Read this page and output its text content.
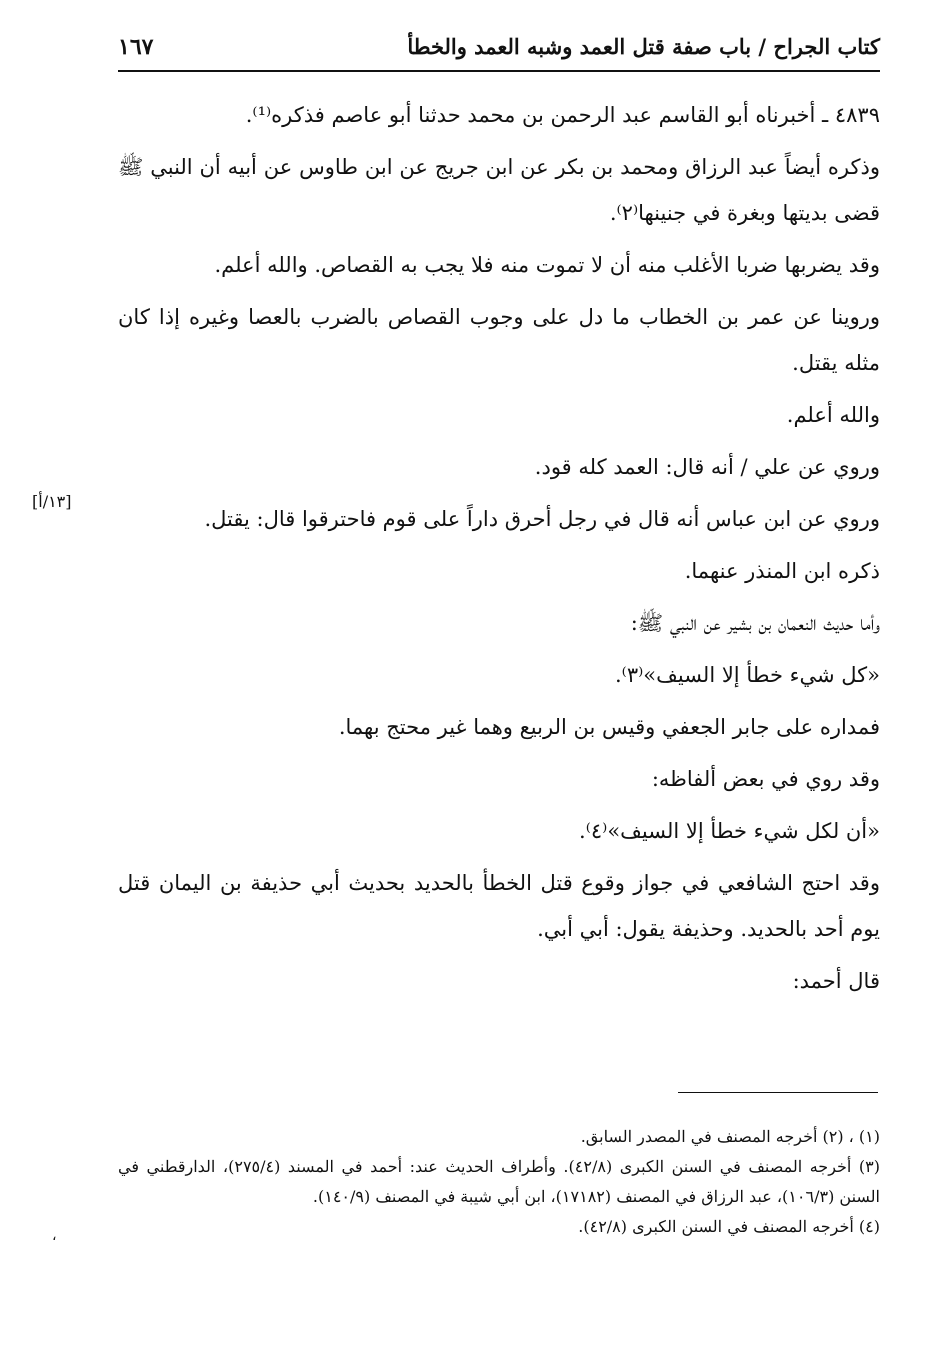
كتاب الجراح / باب صفة قتل العمد وشبه العمد والخطأ
١٦٧
[١٣/أ]

٤٨٣٩ ـ أخبرناه أبو القاسم عبد الرحمن بن محمد حدثنا أبو عاصم فذكره⁽¹⁾.

وذكره أيضاً عبد الرزاق ومحمد بن بكر عن ابن جريج عن ابن طاوس عن أبيه أن النبي ﷺ قضى بديتها وبغرة في جنينها⁽٢⁾.

وقد يضربها ضربا الأغلب منه أن لا تموت منه فلا يجب به القصاص. والله أعلم.

وروينا عن عمر بن الخطاب ما دل على وجوب القصاص بالضرب بالعصا وغيره إذا كان مثله يقتل.

والله أعلم.

وروي عن علي / أنه قال: العمد كله قود.

وروي عن ابن عباس أنه قال في رجل أحرق داراً على قوم فاحترقوا قال: يقتل.

ذكره ابن المنذر عنهما.

وأما حديث النعمان بن بشير عن النبي ﷺ:

«كل شيء خطأ إلا السيف»⁽٣⁾.

فمداره على جابر الجعفي وقيس بن الربيع وهما غير محتج بهما.

وقد روي في بعض ألفاظه:

«أن لكل شيء خطأ إلا السيف»⁽٤⁾.

وقد احتج الشافعي في جواز وقوع قتل الخطأ بالحديد بحديث أبي حذيفة بن اليمان قتل يوم أحد بالحديد. وحذيفة يقول: أبي أبي.

قال أحمد:

(١) ، (٢) أخرجه المصنف في المصدر السابق.

(٣) أخرجه المصنف في السنن الكبرى (٤٢/٨). وأطراف الحديث عند: أحمد في المسند (٢٧٥/٤)، الدارقطني في السنن (١٠٦/٣)، عبد الرزاق في المصنف (١٧١٨٢)، ابن أبي شيبة في المصنف (١٤٠/٩).

(٤) أخرجه المصنف في السنن الكبرى (٤٢/٨).

،
